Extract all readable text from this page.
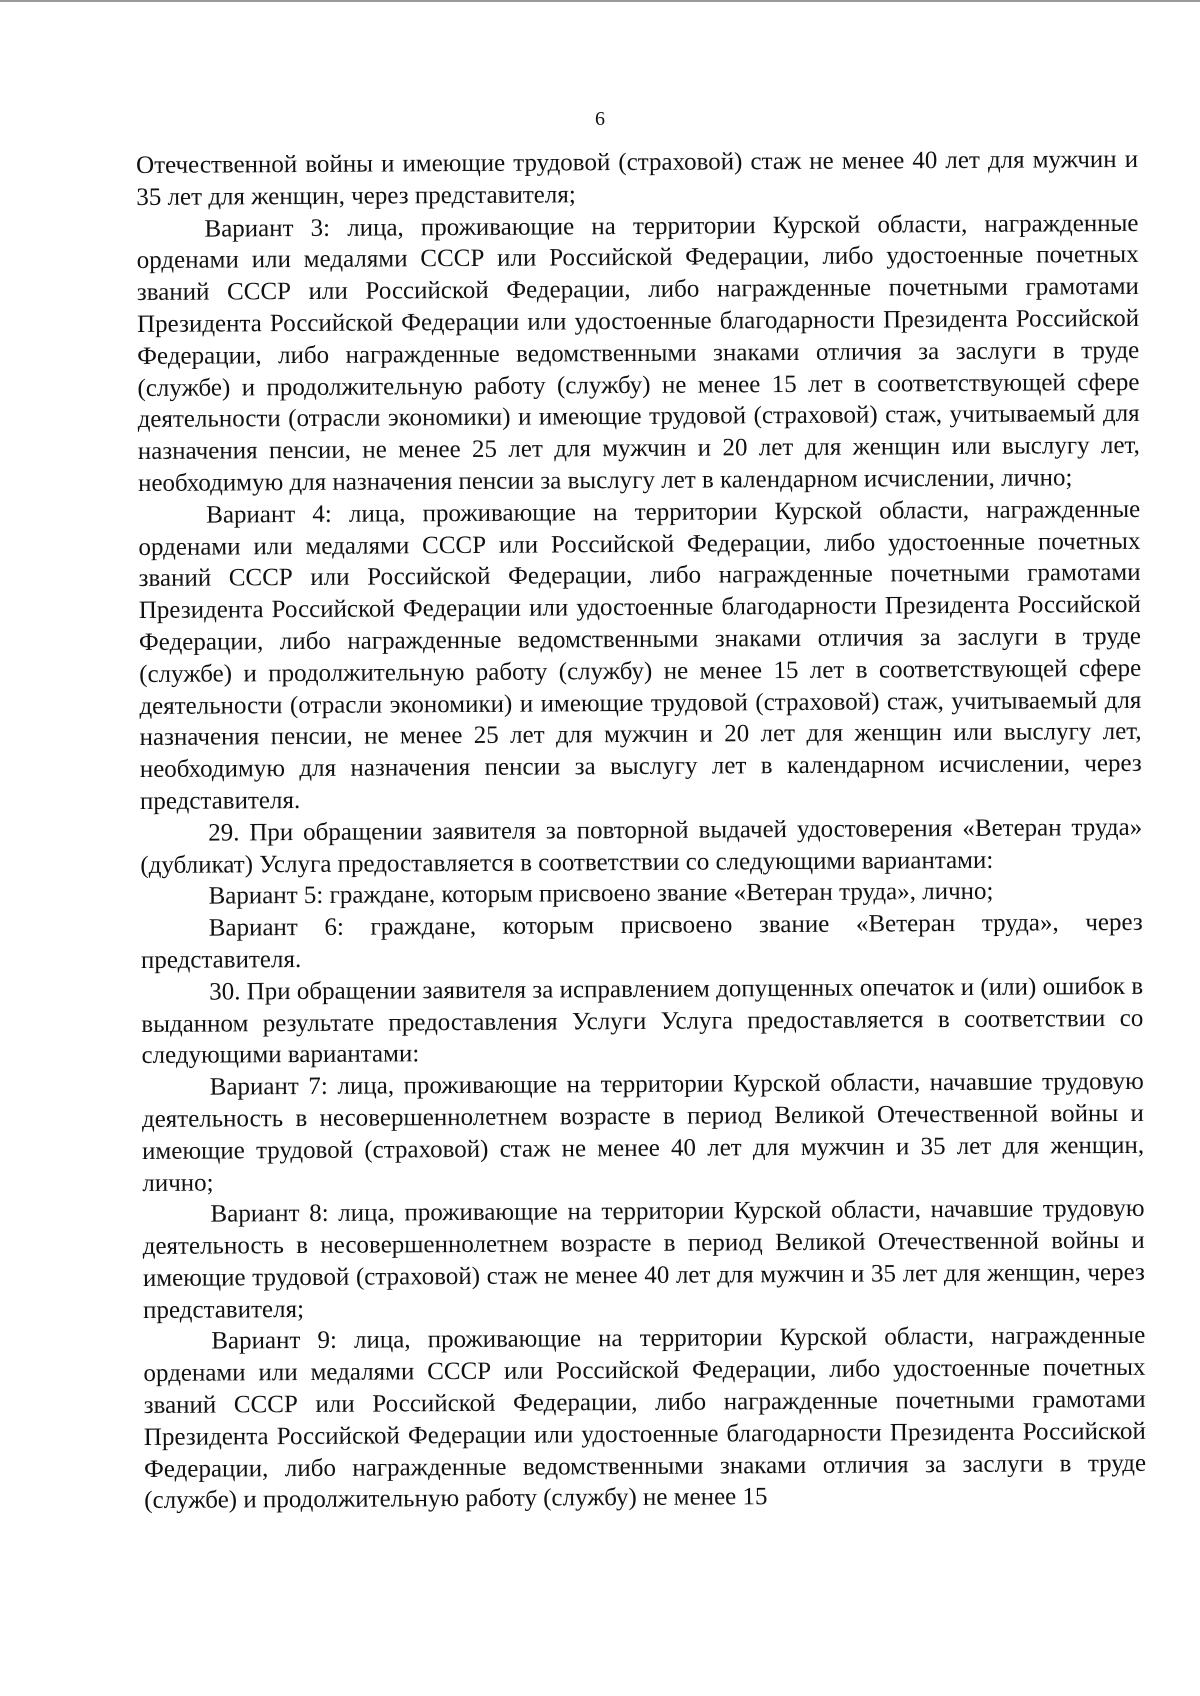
6

Отечественной войны и имеющие трудовой (страховой) стаж не менее 40 лет для мужчин и 35 лет для женщин, через представителя;

Вариант 3: лица, проживающие на территории Курской области, награжденные орденами или медалями СССР или Российской Федерации, либо удостоенные почетных званий СССР или Российской Федерации, либо награжденные почетными грамотами Президента Российской Федерации или удостоенные благодарности Президента Российской Федерации, либо награжденные ведомственными знаками отличия за заслуги в труде (службе) и продолжительную работу (службу) не менее 15 лет в соответствующей сфере деятельности (отрасли экономики) и имеющие трудовой (страховой) стаж, учитываемый для назначения пенсии, не менее 25 лет для мужчин и 20 лет для женщин или выслугу лет, необходимую для назначения пенсии за выслугу лет в календарном исчислении, лично;

Вариант 4: лица, проживающие на территории Курской области, награжденные орденами или медалями СССР или Российской Федерации, либо удостоенные почетных званий СССР или Российской Федерации, либо награжденные почетными грамотами Президента Российской Федерации или удостоенные благодарности Президента Российской Федерации, либо награжденные ведомственными знаками отличия за заслуги в труде (службе) и продолжительную работу (службу) не менее 15 лет в соответствующей сфере деятельности (отрасли экономики) и имеющие трудовой (страховой) стаж, учитываемый для назначения пенсии, не менее 25 лет для мужчин и 20 лет для женщин или выслугу лет, необходимую для назначения пенсии за выслугу лет в календарном исчислении, через представителя.

29. При обращении заявителя за повторной выдачей удостоверения «Ветеран труда» (дубликат) Услуга предоставляется в соответствии со следующими вариантами:

Вариант 5: граждане, которым присвоено звание «Ветеран труда», лично;

Вариант 6: граждане, которым присвоено звание «Ветеран труда», через представителя.

30. При обращении заявителя за исправлением допущенных опечаток и (или) ошибок в выданном результате предоставления Услуги Услуга предоставляется в соответствии со следующими вариантами:

Вариант 7: лица, проживающие на территории Курской области, начавшие трудовую деятельность в несовершеннолетнем возрасте в период Великой Отечественной войны и имеющие трудовой (страховой) стаж не менее 40 лет для мужчин и 35 лет для женщин, лично;

Вариант 8: лица, проживающие на территории Курской области, начавшие трудовую деятельность в несовершеннолетнем возрасте в период Великой Отечественной войны и имеющие трудовой (страховой) стаж не менее 40 лет для мужчин и 35 лет для женщин, через представителя;

Вариант 9: лица, проживающие на территории Курской области, награжденные орденами или медалями СССР или Российской Федерации, либо удостоенные почетных званий СССР или Российской Федерации, либо награжденные почетными грамотами Президента Российской Федерации или удостоенные благодарности Президента Российской Федерации, либо награжденные ведомственными знаками отличия за заслуги в труде (службе) и продолжительную работу (службу) не менее 15
